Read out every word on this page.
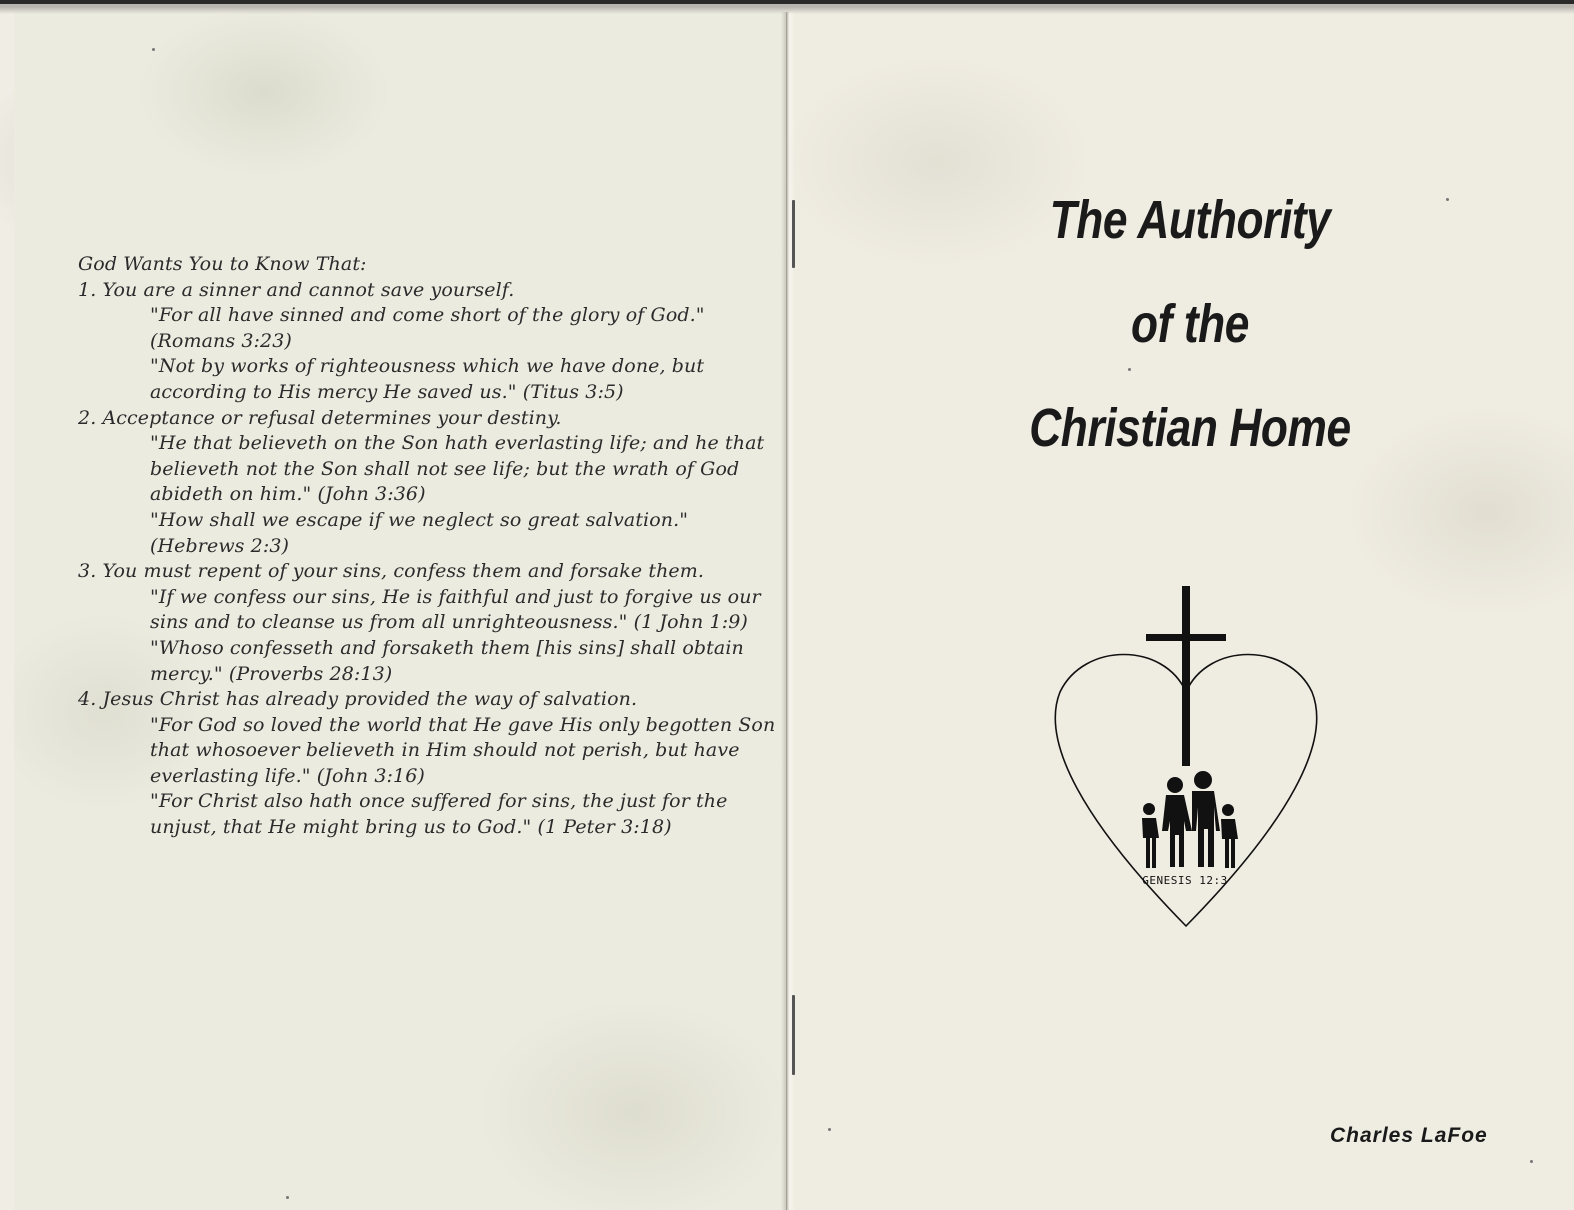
God Wants You to Know That:

1. You are a sinner and cannot save yourself.

"For all have sinned and come short of the glory of God." (Romans 3:23)

"Not by works of righteousness which we have done, but according to His mercy He saved us." (Titus 3:5)

2. Acceptance or refusal determines your destiny.

"He that believeth on the Son hath everlasting life; and he that believeth not the Son shall not see life; but the wrath of God abideth on him." (John 3:36)

"How shall we escape if we neglect so great salvation." (Hebrews 2:3)

3. You must repent of your sins, confess them and forsake them.

"If we confess our sins, He is faithful and just to forgive us our sins and to cleanse us from all unrighteousness." (1 John 1:9)

"Whoso confesseth and forsaketh them [his sins] shall obtain mercy." (Proverbs 28:13)

4. Jesus Christ has already provided the way of salvation.

"For God so loved the world that He gave His only begotten Son that whosoever believeth in Him should not perish, but have everlasting life." (John 3:16)

"For Christ also hath once suffered for sins, the just for the unjust, that He might bring us to God." (1 Peter 3:18)

The Authority
of the
Christian Home
GENESIS 12:3
Charles LaFoe
